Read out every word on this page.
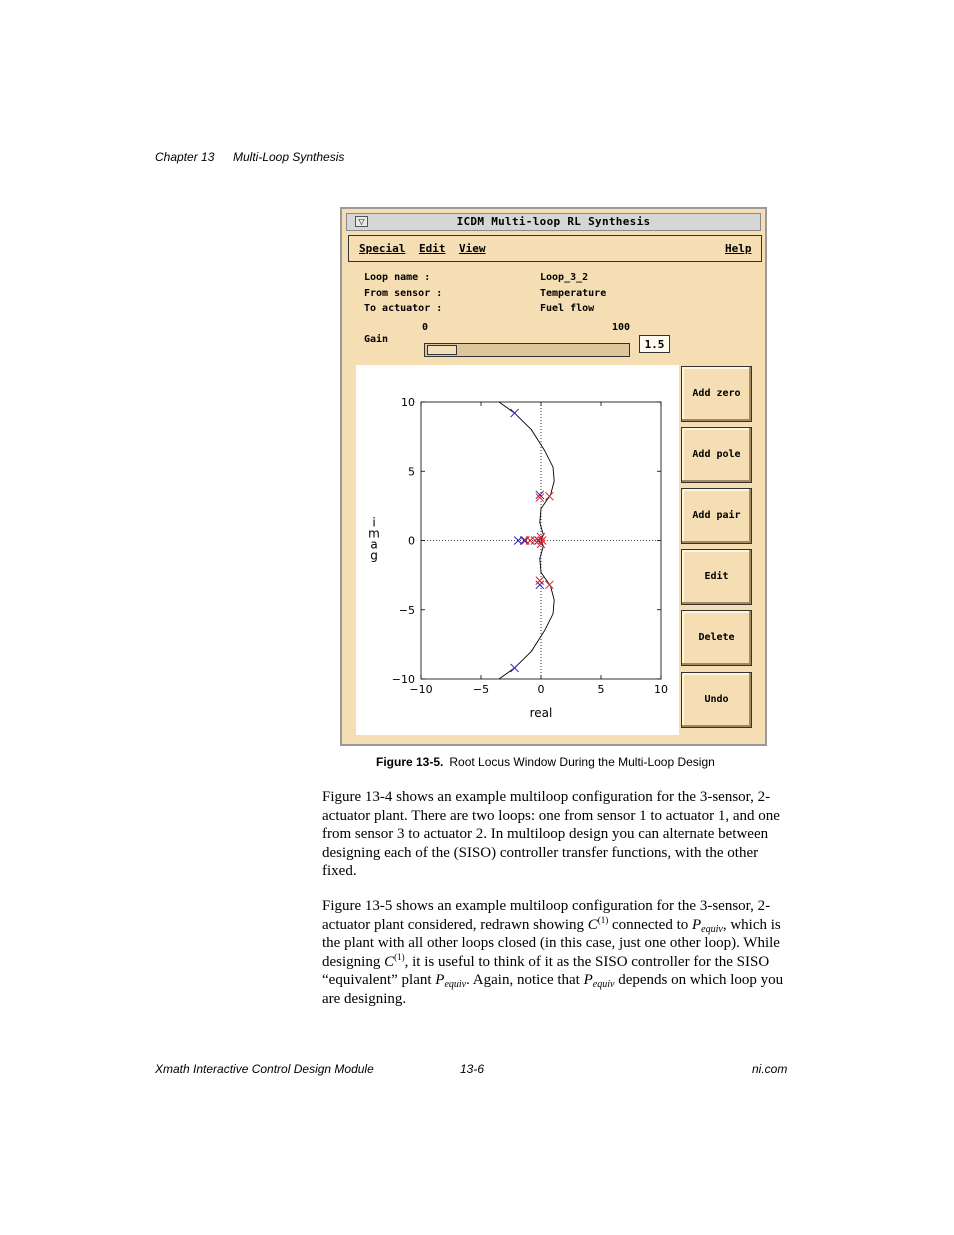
Chapter 13 Multi-Loop Synthesis
▽	ICDM Multi-loop RL Synthesis
Special Edit View	Help
Loop name :	Loop_3_2
From sensor :	Temperature
To actuator :	Fuel flow
Gain
0	100
1.5
−10	−5	0	5	10
10
5
0
−5
−10
real
i
m
a
g
Add zero
Add pole
Add pair
Edit
Delete
Undo
Figure 13-5. Root Locus Window During the Multi-Loop Design
Figure 13-4 shows an example multiloop configuration for the 3-sensor, 2-actuator plant. There are two loops: one from sensor 1 to actuator 1, and one from sensor 3 to actuator 2. In multiloop design you can alternate between designing each of the (SISO) controller transfer functions, with the other fixed.
Figure 13-5 shows an example multiloop configuration for the 3-sensor, 2-actuator plant considered, redrawn showing $C^{(1)}$ connected to $P_{equiv}$, which is the plant with all other loops closed (in this case, just one other loop). While designing $C^{(1)}$, it is useful to think of it as the SISO controller for the SISO “equivalent” plant $P_{equiv}$. Again, notice that $P_{equiv}$ depends on which loop you are designing.
Xmath Interactive Control Design Module	13-6	ni.com
